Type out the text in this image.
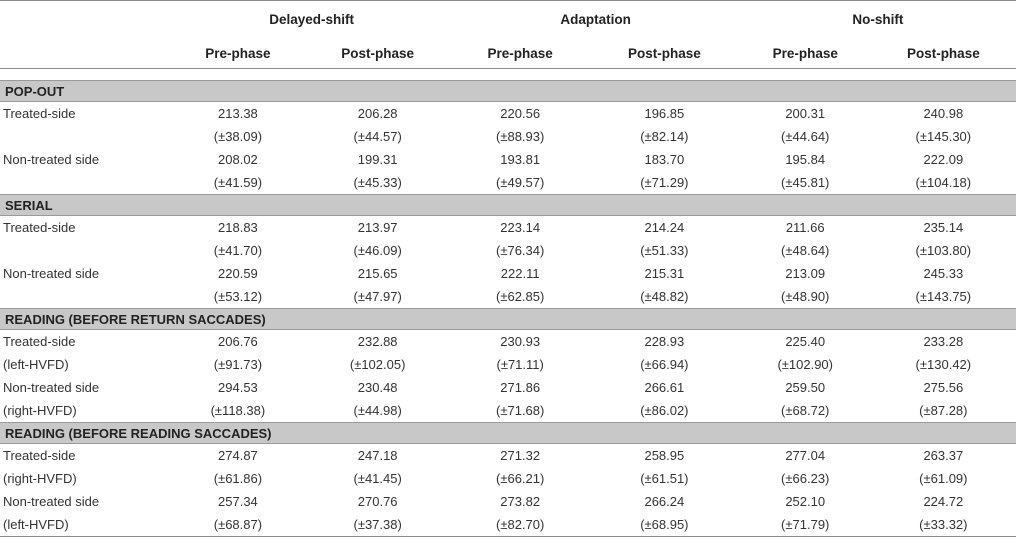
	Delayed-shift		Adaptation		No-shift	
	Pre-phase	Post-phase	Pre-phase	Post-phase	Pre-phase	Post-phase

POP-OUT						
Treated-side	213.38	206.28	220.56	196.85	200.31	240.98
	(±38.09)	(±44.57)	(±88.93)	(±82.14)	(±44.64)	(±145.30)
Non-treated side	208.02	199.31	193.81	183.70	195.84	222.09
	(±41.59)	(±45.33)	(±49.57)	(±71.29)	(±45.81)	(±104.18)
SERIAL						
Treated-side	218.83	213.97	223.14	214.24	211.66	235.14
	(±41.70)	(±46.09)	(±76.34)	(±51.33)	(±48.64)	(±103.80)
Non-treated side	220.59	215.65	222.11	215.31	213.09	245.33
	(±53.12)	(±47.97)	(±62.85)	(±48.82)	(±48.90)	(±143.75)
READING (BEFORE RETURN SACCADES)						
Treated-side	206.76	232.88	230.93	228.93	225.40	233.28
(left-HVFD)	(±91.73)	(±102.05)	(±71.11)	(±66.94)	(±102.90)	(±130.42)
Non-treated side	294.53	230.48	271.86	266.61	259.50	275.56
(right-HVFD)	(±118.38)	(±44.98)	(±71.68)	(±86.02)	(±68.72)	(±87.28)
READING (BEFORE READING SACCADES)						
Treated-side	274.87	247.18	271.32	258.95	277.04	263.37
(right-HVFD)	(±61.86)	(±41.45)	(±66.21)	(±61.51)	(±66.23)	(±61.09)
Non-treated side	257.34	270.76	273.82	266.24	252.10	224.72
(left-HVFD)	(±68.87)	(±37.38)	(±82.70)	(±68.95)	(±71.79)	(±33.32)
